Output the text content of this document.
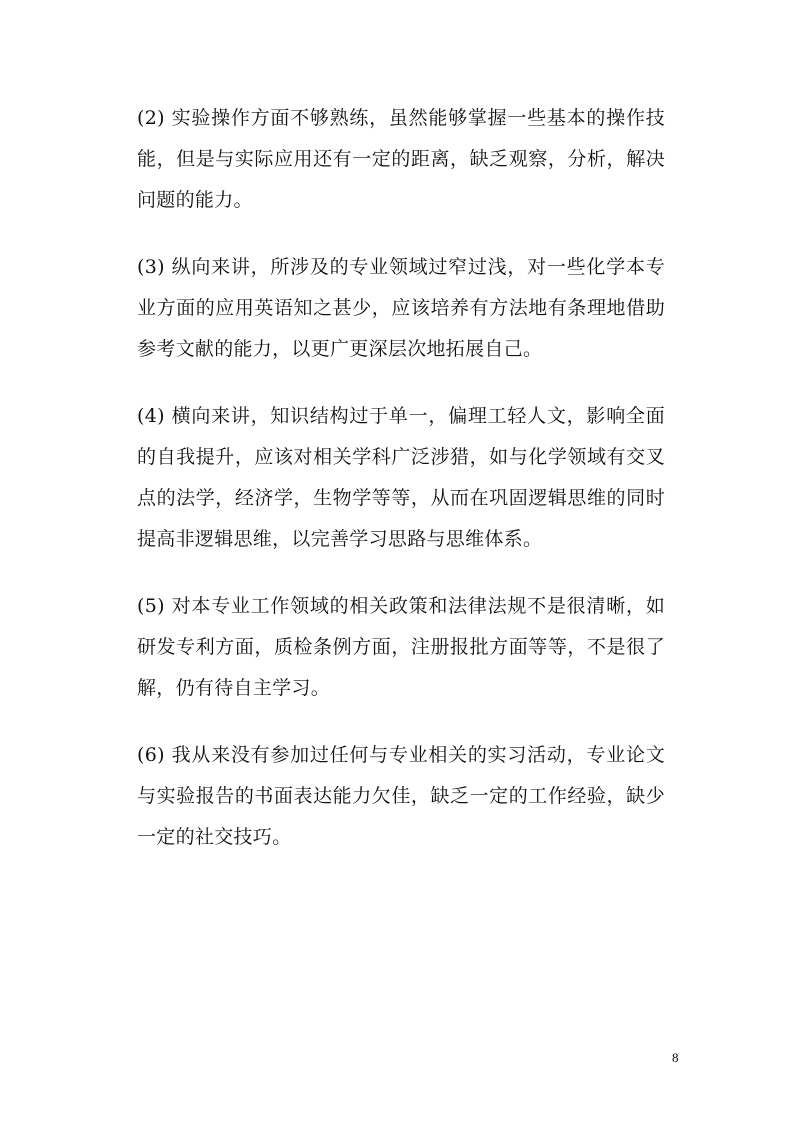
(2) 实验操作方面不够熟练，虽然能够掌握一些基本的操作技能，但是与实际应用还有一定的距离，缺乏观察，分析，解决问题的能力。

(3) 纵向来讲，所涉及的专业领域过窄过浅，对一些化学本专业方面的应用英语知之甚少，应该培养有方法地有条理地借助参考文献的能力，以更广更深层次地拓展自己。

(4) 横向来讲，知识结构过于单一，偏理工轻人文，影响全面的自我提升，应该对相关学科广泛涉猎，如与化学领域有交叉点的法学，经济学，生物学等等，从而在巩固逻辑思维的同时提高非逻辑思维，以完善学习思路与思维体系。

(5) 对本专业工作领域的相关政策和法律法规不是很清晰，如研发专利方面，质检条例方面，注册报批方面等等，不是很了解，仍有待自主学习。

(6) 我从来没有参加过任何与专业相关的实习活动，专业论文与实验报告的书面表达能力欠佳，缺乏一定的工作经验，缺少一定的社交技巧。

8
